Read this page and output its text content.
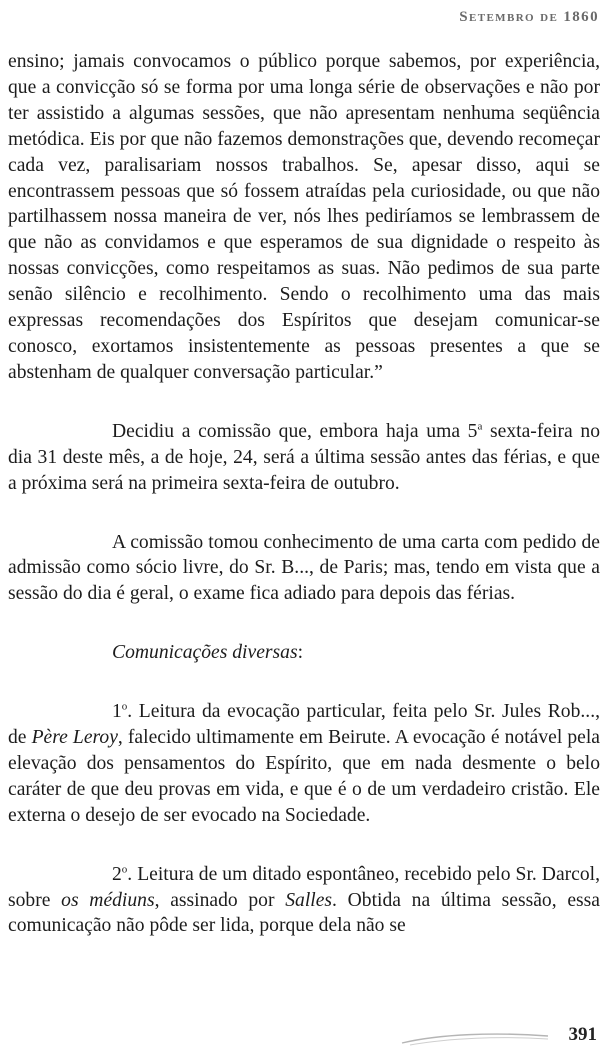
Setembro de 1860

ensino; jamais convocamos o público porque sabemos, por experiência, que a convicção só se forma por uma longa série de observações e não por ter assistido a algumas sessões, que não apresentam nenhuma seqüência metódica. Eis por que não fazemos demonstrações que, devendo recomeçar cada vez, paralisariam nossos trabalhos. Se, apesar disso, aqui se encontrassem pessoas que só fossem atraídas pela curiosidade, ou que não partilhassem nossa maneira de ver, nós lhes pediríamos se lembrassem de que não as convidamos e que esperamos de sua dignidade o respeito às nossas convicções, como respeitamos as suas. Não pedimos de sua parte senão silêncio e recolhimento. Sendo o recolhimento uma das mais expressas recomendações dos Espíritos que desejam comunicar-se conosco, exortamos insistentemente as pessoas presentes a que se abstenham de qualquer conversação particular.”

Decidiu a comissão que, embora haja uma 5$^a$ sexta-feira no dia 31 deste mês, a de hoje, 24, será a última sessão antes das férias, e que a próxima será na primeira sexta-feira de outubro.

A comissão tomou conhecimento de uma carta com pedido de admissão como sócio livre, do Sr. B..., de Paris; mas, tendo em vista que a sessão do dia é geral, o exame fica adiado para depois das férias.

Comunicações diversas:

1$^o$. Leitura da evocação particular, feita pelo Sr. Jules Rob..., de Père Leroy, falecido ultimamente em Beirute. A evocação é notável pela elevação dos pensamentos do Espírito, que em nada desmente o belo caráter de que deu provas em vida, e que é o de um verdadeiro cristão. Ele externa o desejo de ser evocado na Sociedade.

2$^o$. Leitura de um ditado espontâneo, recebido pelo Sr. Darcol, sobre os médiuns, assinado por Salles. Obtida na última sessão, essa comunicação não pôde ser lida, porque dela não se

391
